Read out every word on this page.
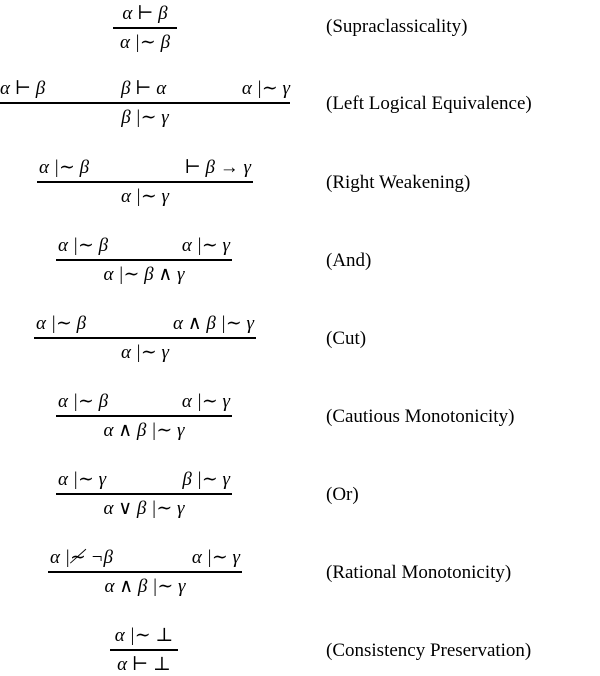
α ⊢ β
α |∼ β
(Supraclassicality)
α ⊢ β	β ⊢ α	α |∼ γ
β |∼ γ
(Left Logical Equivalence)
α |∼ β	⊢ β → γ
α |∼ γ
(Right Weakening)
α |∼ β	α |∼ γ
α |∼ β ∧ γ
(And)
α |∼ β	α ∧ β |∼ γ
α |∼ γ
(Cut)
α |∼ β	α |∼ γ
α ∧ β |∼ γ
(Cautious Monotonicity)
α |∼ γ	β |∼ γ
α ∨ β |∼ γ
(Or)
α |≁ ¬β	α |∼ γ
α ∧ β |∼ γ
(Rational Monotonicity)
α |∼ ⊥
α ⊢ ⊥
(Consistency Preservation)
